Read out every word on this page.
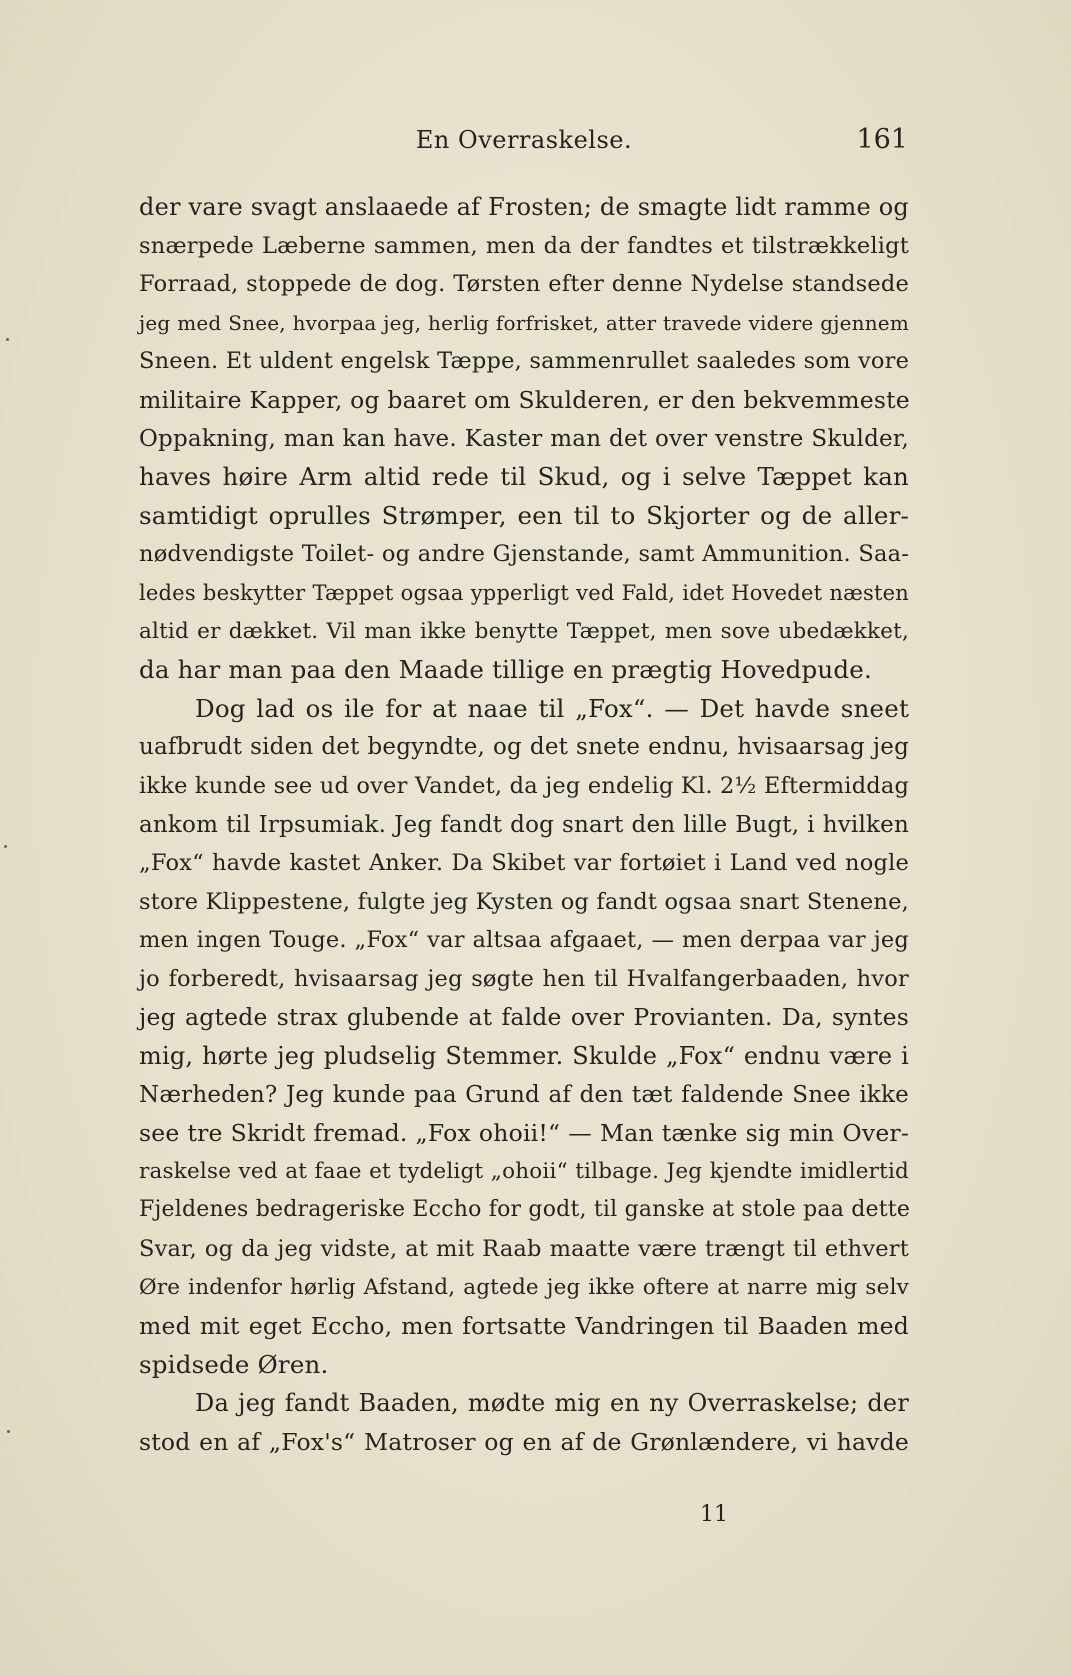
En Overraskelse.	161
der vare svagt anslaaede af Frosten; de smagte lidt ramme og
snærpede Læberne sammen, men da der fandtes et tilstrækkeligt
Forraad, stoppede de dog. Tørsten efter denne Nydelse standsede
jeg med Snee, hvorpaa jeg, herlig forfrisket, atter travede videre gjennem
Sneen. Et uldent engelsk Tæppe, sammenrullet saaledes som vore
militaire Kapper, og baaret om Skulderen, er den bekvemmeste
Oppakning, man kan have. Kaster man det over venstre Skulder,
haves høire Arm altid rede til Skud, og i selve Tæppet kan
samtidigt oprulles Strømper, een til to Skjorter og de aller-
nødvendigste Toilet- og andre Gjenstande, samt Ammunition. Saa-
ledes beskytter Tæppet ogsaa ypperligt ved Fald, idet Hovedet næsten
altid er dækket. Vil man ikke benytte Tæppet, men sove ubedækket,
da har man paa den Maade tillige en prægtig Hovedpude.
Dog lad os ile for at naae til „Fox“. — Det havde sneet
uafbrudt siden det begyndte, og det snete endnu, hvisaarsag jeg
ikke kunde see ud over Vandet, da jeg endelig Kl. 2½ Eftermiddag
ankom til Irpsumiak. Jeg fandt dog snart den lille Bugt, i hvilken
„Fox“ havde kastet Anker. Da Skibet var fortøiet i Land ved nogle
store Klippestene, fulgte jeg Kysten og fandt ogsaa snart Stenene,
men ingen Touge. „Fox“ var altsaa afgaaet, — men derpaa var jeg
jo forberedt, hvisaarsag jeg søgte hen til Hvalfangerbaaden, hvor
jeg agtede strax glubende at falde over Provianten. Da, syntes
mig, hørte jeg pludselig Stemmer. Skulde „Fox“ endnu være i
Nærheden? Jeg kunde paa Grund af den tæt faldende Snee ikke
see tre Skridt fremad. „Fox ohoii!“ — Man tænke sig min Over-
raskelse ved at faae et tydeligt „ohoii“ tilbage. Jeg kjendte imidlertid
Fjeldenes bedrageriske Eccho for godt, til ganske at stole paa dette
Svar, og da jeg vidste, at mit Raab maatte være trængt til ethvert
Øre indenfor hørlig Afstand, agtede jeg ikke oftere at narre mig selv
med mit eget Eccho, men fortsatte Vandringen til Baaden med
spidsede Øren.
Da jeg fandt Baaden, mødte mig en ny Overraskelse; der
stod en af „Fox's“ Matroser og en af de Grønlændere, vi havde
11
